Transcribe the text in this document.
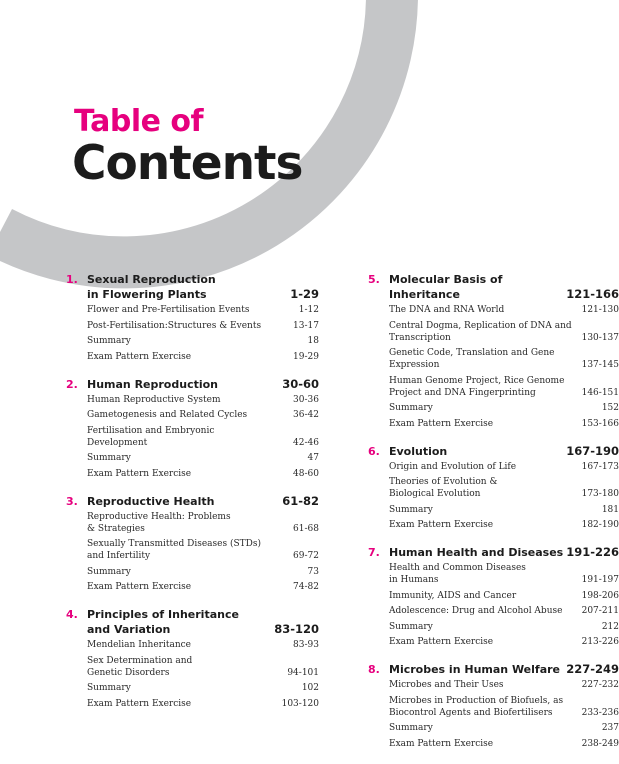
Table of
Contents
1. Sexual Reproduction
in Flowering Plants	1-29
Flower and Pre-Fertilisation Events	1-12
Post-Fertilisation:Structures & Events	13-17
Summary	18
Exam Pattern Exercise	19-29
2. Human Reproduction	30-60
Human Reproductive System	30-36
Gametogenesis and Related Cycles	36-42
Fertilisation and Embryonic
Development	42-46
Summary	47
Exam Pattern Exercise	48-60
3. Reproductive Health	61-82
Reproductive Health: Problems
& Strategies	61-68
Sexually Transmitted Diseases (STDs)
and Infertility	69-72
Summary	73
Exam Pattern Exercise	74-82
4. Principles of Inheritance
and Variation	83-120
Mendelian Inheritance	83-93
Sex Determination and
Genetic Disorders	94-101
Summary	102
Exam Pattern Exercise	103-120
5. Molecular Basis of Inheritance	121-166
The DNA and RNA World	121-130
Central Dogma, Replication of DNA and
Transcription	130-137
Genetic Code, Translation and Gene
Expression	137-145
Human Genome Project, Rice Genome
Project and DNA Fingerprinting	146-151
Summary	152
Exam Pattern Exercise	153-166
6. Evolution	167-190
Origin and Evolution of Life	167-173
Theories of Evolution &
Biological Evolution	173-180
Summary	181
Exam Pattern Exercise	182-190
7. Human Health and Diseases 191-226
Health and Common Diseases
in Humans	191-197
Immunity, AIDS and Cancer	198-206
Adolescence: Drug and Alcohol Abuse	207-211
Summary	212
Exam Pattern Exercise	213-226
8. Microbes in Human Welfare 227-249
Microbes and Their Uses	227-232
Microbes in Production of Biofuels, as
Biocontrol Agents and Biofertilisers	233-236
Summary	237
Exam Pattern Exercise	238-249
